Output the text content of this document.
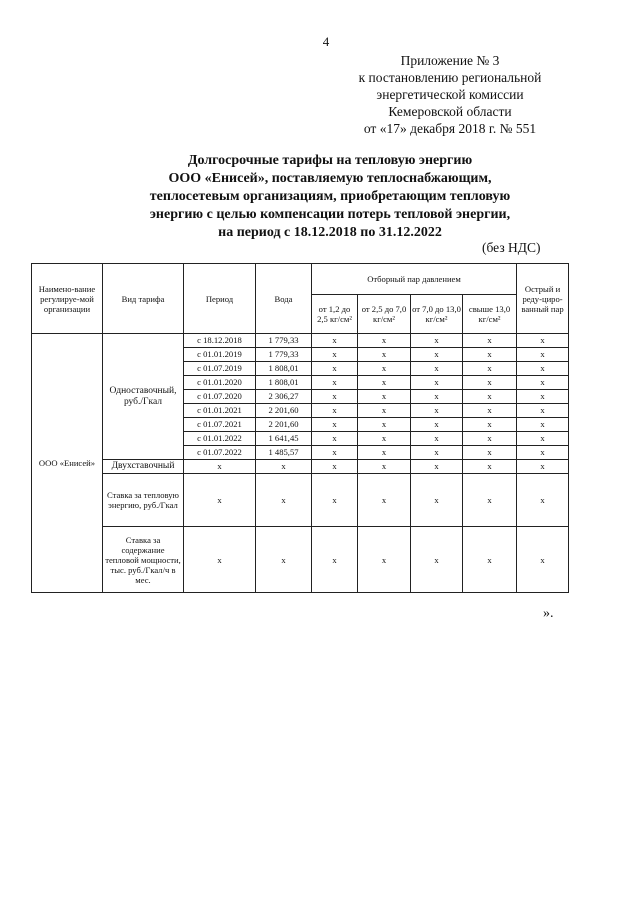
4
Приложение № 3
к постановлению региональной
энергетической комиссии
Кемеровской области
от «17» декабря 2018 г. № 551
Долгосрочные тарифы на тепловую энергию
ООО «Енисей», поставляемую теплоснабжающим,
теплосетевым организациям, приобретающим тепловую
энергию с целью компенсации потерь тепловой энергии,
на период с 18.12.2018 по 31.12.2022
(без НДС)
Наимено-вание регулируе-мой организации	Вид тарифа	Период	Вода	Отборный пар давлением				Острый и реду-циро-ванный пар
				от 1,2 до 2,5 кг/см²	от 2,5 до 7,0 кг/см²	от 7,0 до 13,0 кг/см²	свыше 13,0 кг/см²	
ООО «Енисей»	Одноставочный, руб./Гкал	с 18.12.2018	1 779,33	x	x	x	x	x
		с 01.01.2019	1 779,33	x	x	x	x	x
		с 01.07.2019	1 808,01	x	x	x	x	x
		с 01.01.2020	1 808,01	x	x	x	x	x
		с 01.07.2020	2 306,27	x	x	x	x	x
		с 01.01.2021	2 201,60	x	x	x	x	x
		с 01.07.2021	2 201,60	x	x	x	x	x
		с 01.01.2022	1 641,45	x	x	x	x	x
		с 01.07.2022	1 485,57	x	x	x	x	x
	Двухставочный	x	x	x	x	x	x	x
	Ставка за тепловую энергию, руб./Гкал	x	x	x	x	x	x	x
	Ставка за содержание тепловой мощности, тыс. руб./Гкал/ч в мес.	x	x	x	x	x	x	x
».
